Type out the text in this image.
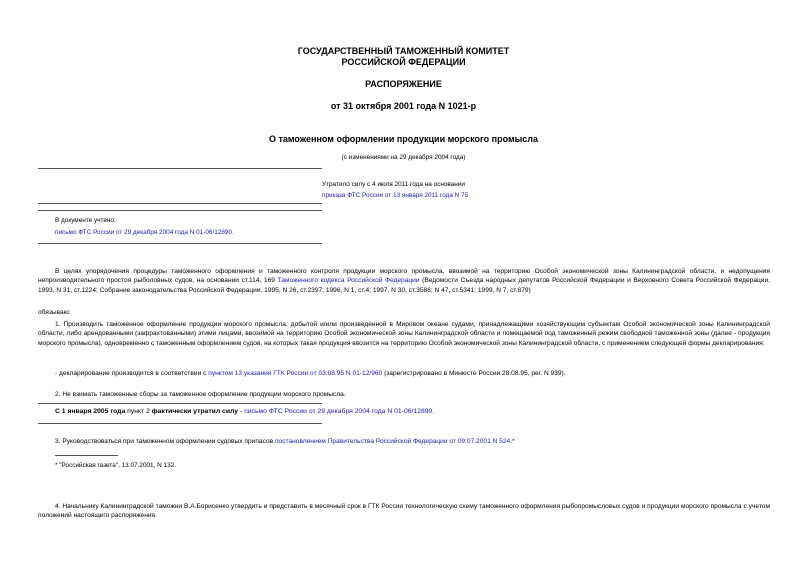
ГОСУДАРСТВЕННЫЙ ТАМОЖЕННЫЙ КОМИТЕТ
РОССИЙСКОЙ ФЕДЕРАЦИИ
РАСПОРЯЖЕНИЕ
от 31 октября 2001 года N 1021-р
О таможенном оформлении продукции морского промысла
(с изменениями на 29 декабря 2004 года)
Утратило силу с 4 июля 2011 года на основании
приказа ФТС России от 13 января 2011 года N 75
В документе учтено:
письмо ФТС России от 29 декабря 2004 года N 01-06/12890.
В целях упорядочения процедуры таможенного оформления и таможенного контроля продукции морского промысла, ввозимой на территорию Особой экономической зоны Калининградской области, и недопущения непроизводительного простоя рыболовных судов, на основании ст.114, 169 Таможенного кодекса Российской Федерации (Ведомости Съезда народных депутатов Российской Федерации и Верховного Совета Российской Федерации, 1993, N 31, ст.1224; Собрание законодательства Российской Федерации, 1995, N 26, ст.2397; 1996, N 1, ст.4; 1997, N 30, ст.3586; N 47, ст.5341; 1999, N 7, ст.879)
обязываю:
1. Производить таможенное оформление продукции морского промысла, добытой и/или произведенной в Мировом океане судами, принадлежащими хозяйствующим субъектам Особой экономической зоны Калининградской области, либо арендованными (зафрахтованными) этими лицами, ввозимой на территорию Особой экономической зоны Калининградской области и помещаемой под таможенный режим свободной таможенной зоны (далее - продукция морского промысла), одновременно с таможенным оформлением судов, на которых такая продукция ввозится на территорию Особой экономической зоны Калининградской области, с применением следующей формы декларирования:
- декларирование производится в соответствии с пунктом 13 указания ГТК России от 03.08.95 N 01-12/960 (зарегистрировано в Минюсте России 28.08.95, рег. N 939).
2. Не взимать таможенные сборы за таможенное оформление продукции морского промысла.
С 1 января 2005 года пункт 2 фактически утратил силу - письмо ФТС России от 29 декабря 2004 года N 01-06/12890.
3. Руководствоваться при таможенном оформлении судовых припасов постановлением Правительства Российской Федерации от 09.07.2001 N 524.*
* "Российская газета", 13.07.2001, N 132.
4. Начальнику Калининградской таможни В.А.Борисенко утвердить и представить в месячный срок в ГТК России технологическую схему таможенного оформления рыбопромысловых судов и продукции морского промысла с учетом положений настоящего распоряжения.
